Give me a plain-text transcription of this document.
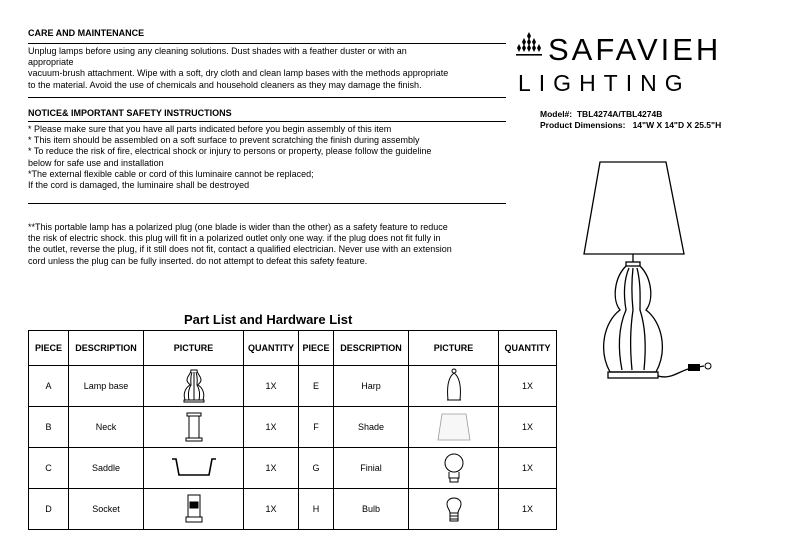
CARE AND MAINTENANCE
Unplug lamps before using any cleaning solutions. Dust shades with a feather duster or with an
appropriate
vacuum-brush attachment. Wipe with a soft, dry cloth and clean lamp bases with the methods appropriate
to the material. Avoid the use of chemicals and household cleaners as they may damage the finish.
NOTICE& IMPORTANT SAFETY INSTRUCTIONS
* Please make sure that you have all parts indicated before you begin assembly of this item
* This item should be assembled on a soft surface to prevent scratching the finish during assembly
* To reduce the risk of fire, electrical shock or injury to persons or property, please follow the guideline
below for safe use and installation
*The external flexible cable or cord of this luminaire cannot be replaced;
If the cord is damaged, the luminaire shall be destroyed
**This portable lamp has a polarized plug (one blade is wider than the other) as a safety feature to reduce
the risk of electric shock. this plug will fit in a polarized outlet only one way. if the plug does not fit fully in
the outlet, reverse the plug, if it still does not fit, contact a qualified electrician. Never use with an extension
cord unless the plug can be fully inserted. do not attempt to defeat this safety feature.
SAFAVIEH
LIGHTING
Model#: TBL4274A/TBL4274B
Product Dimensions: 14"W X 14"D X 25.5"H
Part List and Hardware List
PIECE	DESCRIPTION	PICTURE	QUANTITY	PIECE	DESCRIPTION	PICTURE	QUANTITY
A	Lamp base		1X	E	Harp		1X
B	Neck		1X	F	Shade		1X
C	Saddle		1X	G	Finial		1X
D	Socket		1X	H	Bulb		1X
